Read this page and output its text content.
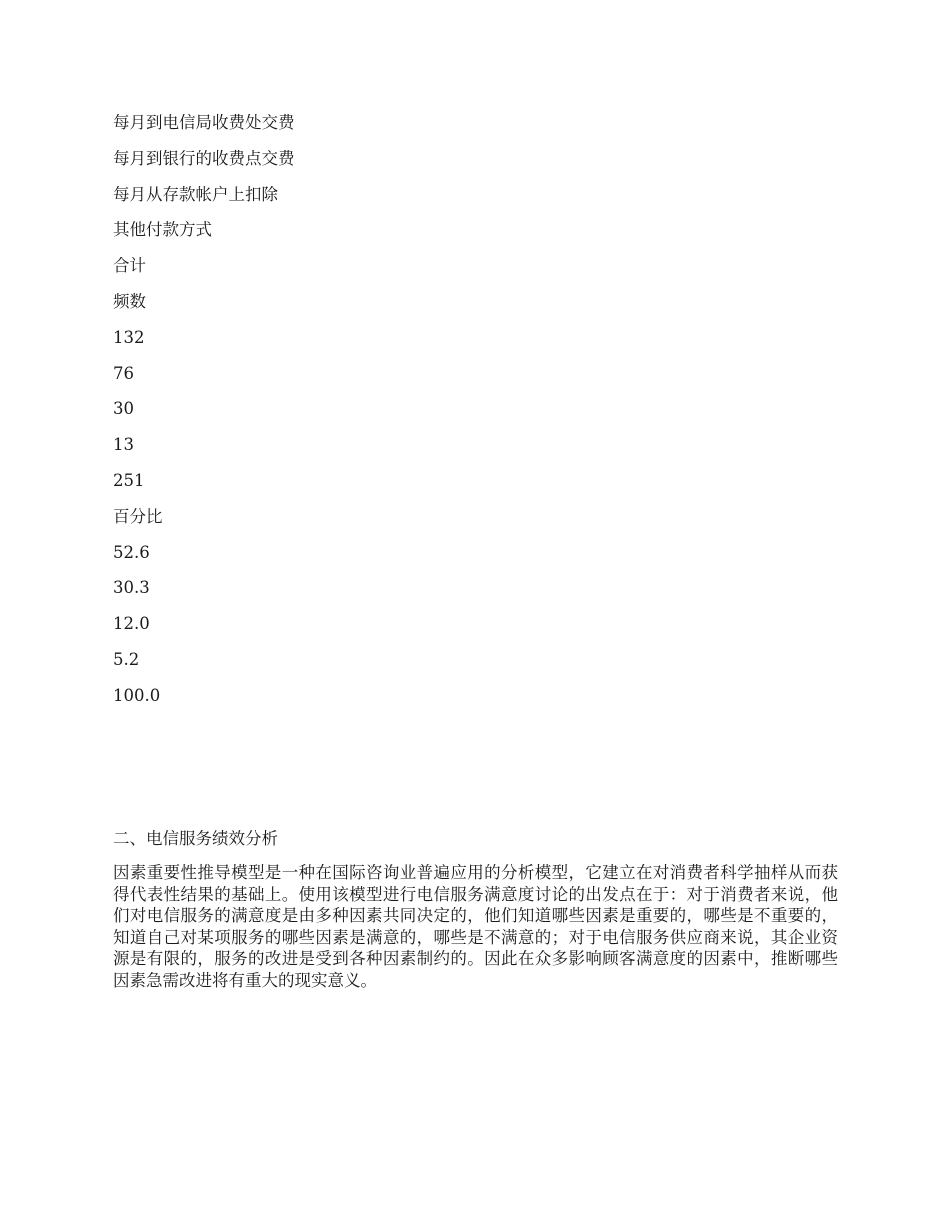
每月到电信局收费处交费
每月到银行的收费点交费
每月从存款帐户上扣除
其他付款方式
合计
频数
132
76
30
13
251
百分比
52.6
30.3
12.0
5.2
100.0
二、电信服务绩效分析
因素重要性推导模型是一种在国际咨询业普遍应用的分析模型，它建立在对消费者科学抽样从而获得代表性结果的基础上。使用该模型进行电信服务满意度讨论的出发点在于：对于消费者来说，他们对电信服务的满意度是由多种因素共同决定的，他们知道哪些因素是重要的，哪些是不重要的，知道自己对某项服务的哪些因素是满意的，哪些是不满意的；对于电信服务供应商来说，其企业资源是有限的，服务的改进是受到各种因素制约的。因此在众多影响顾客满意度的因素中，推断哪些因素急需改进将有重大的现实意义。
